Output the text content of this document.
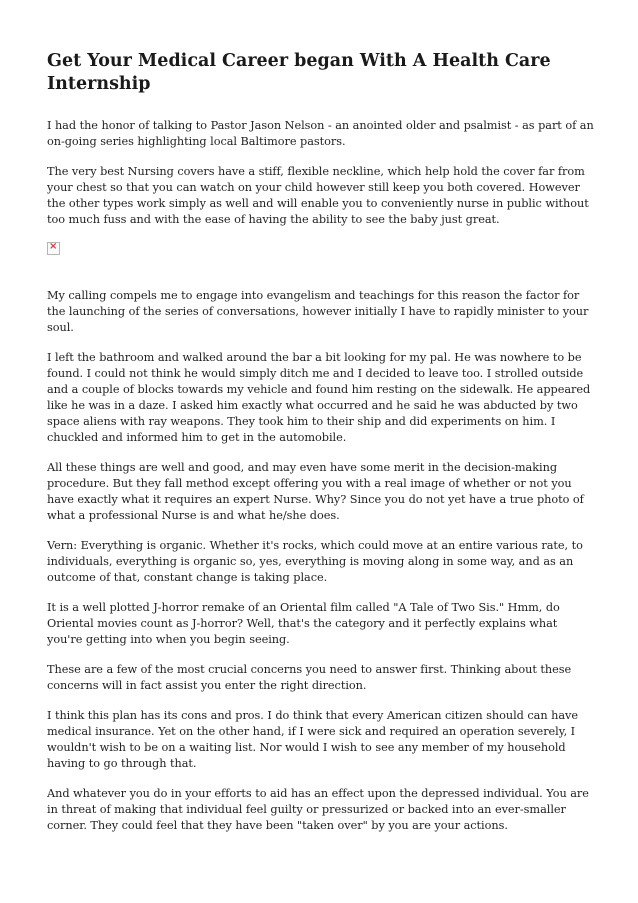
Get Your Medical Career began With A Health Care Internship

I had the honor of talking to Pastor Jason Nelson - an anointed older and psalmist - as part of an on-going series highlighting local Baltimore pastors.

The very best Nursing covers have a stiff, flexible neckline, which help hold the cover far from your chest so that you can watch on your child however still keep you both covered. However the other types work simply as well and will enable you to conveniently nurse in public without too much fuss and with the ease of having the ability to see the baby just great.

×

My calling compels me to engage into evangelism and teachings for this reason the factor for the launching of the series of conversations, however initially I have to rapidly minister to your soul.

I left the bathroom and walked around the bar a bit looking for my pal. He was nowhere to be found. I could not think he would simply ditch me and I decided to leave too. I strolled outside and a couple of blocks towards my vehicle and found him resting on the sidewalk. He appeared like he was in a daze. I asked him exactly what occurred and he said he was abducted by two space aliens with ray weapons. They took him to their ship and did experiments on him. I chuckled and informed him to get in the automobile.

All these things are well and good, and may even have some merit in the decision-making procedure. But they fall method except offering you with a real image of whether or not you have exactly what it requires an expert Nurse. Why? Since you do not yet have a true photo of what a professional Nurse is and what he/she does.

Vern: Everything is organic. Whether it's rocks, which could move at an entire various rate, to individuals, everything is organic so, yes, everything is moving along in some way, and as an outcome of that, constant change is taking place.

It is a well plotted J-horror remake of an Oriental film called "A Tale of Two Sis." Hmm, do Oriental movies count as J-horror? Well, that's the category and it perfectly explains what you're getting into when you begin seeing.

These are a few of the most crucial concerns you need to answer first. Thinking about these concerns will in fact assist you enter the right direction.

I think this plan has its cons and pros. I do think that every American citizen should can have medical insurance. Yet on the other hand, if I were sick and required an operation severely, I wouldn't wish to be on a waiting list. Nor would I wish to see any member of my household having to go through that.

And whatever you do in your efforts to aid has an effect upon the depressed individual. You are in threat of making that individual feel guilty or pressurized or backed into an ever-smaller corner. They could feel that they have been "taken over" by you are your actions.
